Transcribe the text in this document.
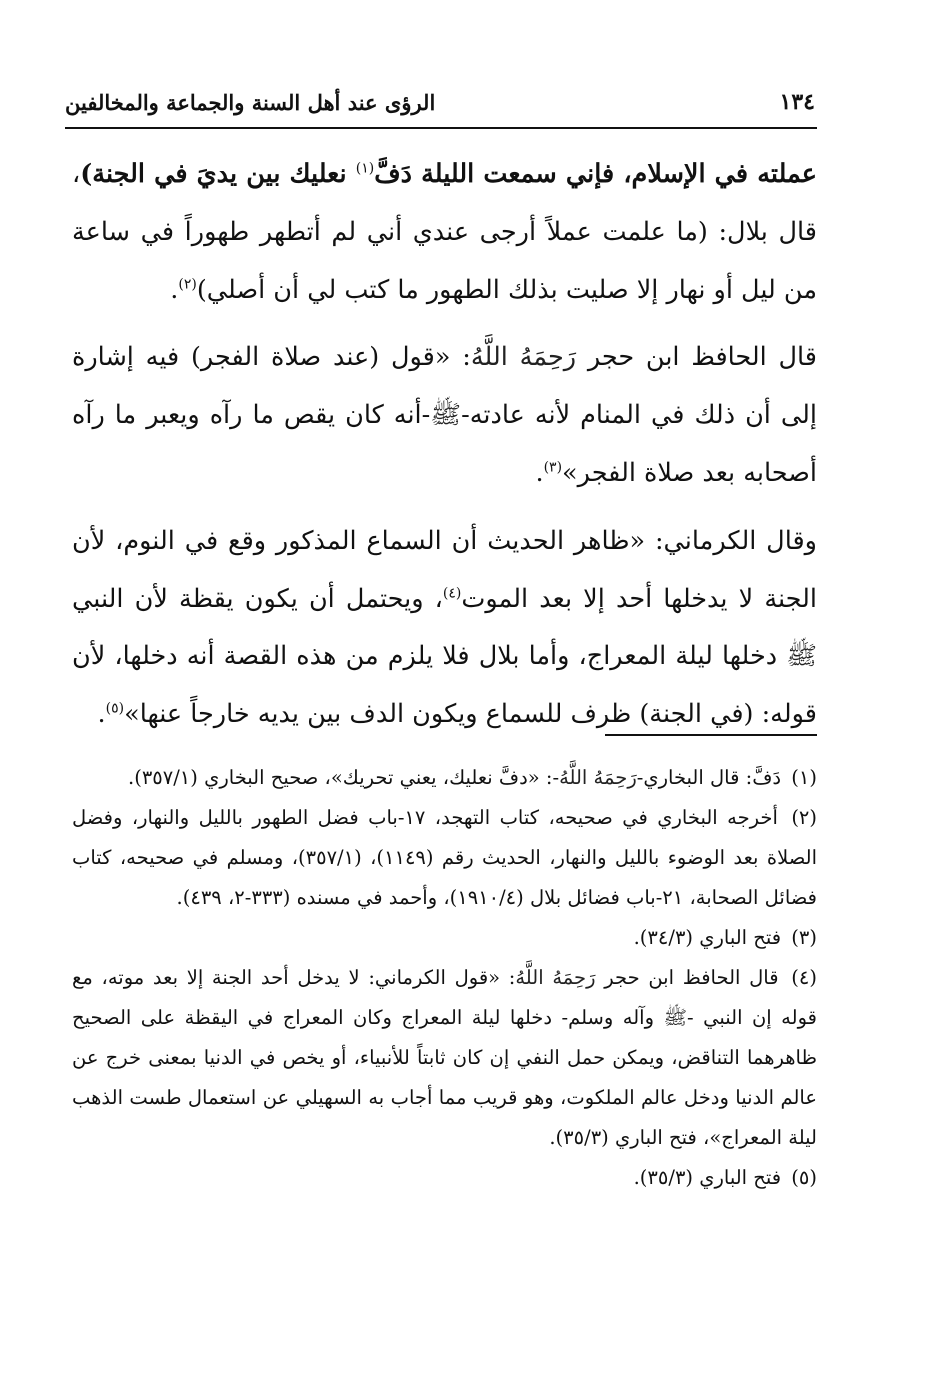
١٣٤
الرؤى عند أهل السنة والجماعة والمخالفين

عملته في الإسلام، فإني سمعت الليلة دَفَّ$^{(١)}$ نعليك بين يديَ في الجنة)، قال بلال: (ما علمت عملاً أرجى عندي أني لم أتطهر طهوراً في ساعة من ليل أو نهار إلا صليت بذلك الطهور ما كتب لي أن أصلي)$^{(٢)}$.

قال الحافظ ابن حجر رَحِمَهُ اللَّهُ: «قول (عند صلاة الفجر) فيه إشارة إلى أن ذلك في المنام لأنه عادته-ﷺ-أنه كان يقص ما رآه ويعبر ما رآه أصحابه بعد صلاة الفجر»$^{(٣)}$.

وقال الكرماني: «ظاهر الحديث أن السماع المذكور وقع في النوم، لأن الجنة لا يدخلها أحد إلا بعد الموت$^{(٤)}$، ويحتمل أن يكون يقظة لأن النبي ﷺ دخلها ليلة المعراج، وأما بلال فلا يلزم من هذه القصة أنه دخلها، لأن قوله: (في الجنة) ظرف للسماع ويكون الدف بين يديه خارجاً عنها»$^{(٥)}$.

(١) دَفَّ: قال البخاري-رَحِمَهُ اللَّهُ-: «دفَّ نعليك، يعني تحريك»، صحيح البخاري (٣٥٧/١).

(٢) أخرجه البخاري في صحيحه، كتاب التهجد، ١٧-باب فضل الطهور بالليل والنهار، وفضل الصلاة بعد الوضوء بالليل والنهار، الحديث رقم (١١٤٩)، (٣٥٧/١)، ومسلم في صحيحه، كتاب فضائل الصحابة، ٢١-باب فضائل بلال (١٩١٠/٤)، وأحمد في مسنده (٣٣٣-٢، ٤٣٩).

(٣) فتح الباري (٣٤/٣).

(٤) قال الحافظ ابن حجر رَحِمَهُ اللَّهُ: «قول الكرماني: لا يدخل أحد الجنة إلا بعد موته، مع قوله إن النبي -ﷺ وآله وسلم- دخلها ليلة المعراج وكان المعراج في اليقظة على الصحيح ظاهرهما التناقض، ويمكن حمل النفي إن كان ثابتاً للأنبياء، أو يخص في الدنيا بمعنى خرج عن عالم الدنيا ودخل عالم الملكوت، وهو قريب مما أجاب به السهيلي عن استعمال طست الذهب ليلة المعراج»، فتح الباري (٣٥/٣).

(٥) فتح الباري (٣٥/٣).
